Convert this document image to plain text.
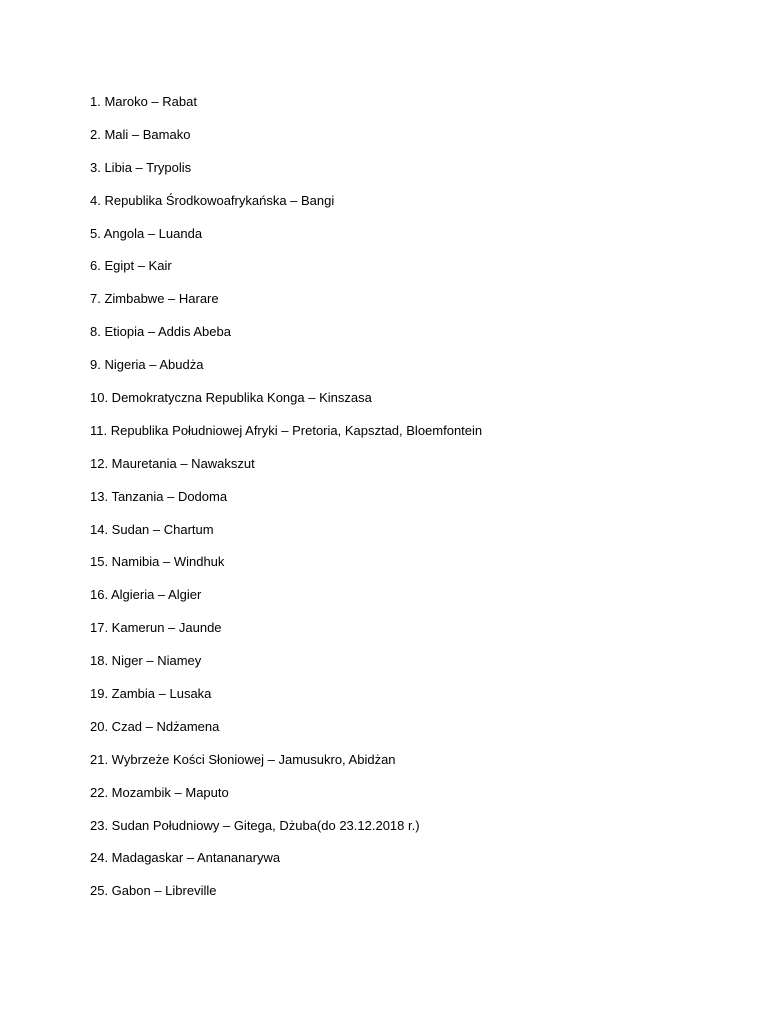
1. Maroko – Rabat
2. Mali – Bamako
3. Libia – Trypolis
4. Republika Środkowoafrykańska – Bangi
5. Angola – Luanda
6. Egipt – Kair
7. Zimbabwe – Harare
8. Etiopia – Addis Abeba
9. Nigeria – Abudża
10. Demokratyczna Republika Konga – Kinszasa
11. Republika Południowej Afryki – Pretoria, Kapsztad, Bloemfontein
12. Mauretania – Nawakszut
13. Tanzania – Dodoma
14. Sudan – Chartum
15. Namibia – Windhuk
16. Algieria – Algier
17. Kamerun – Jaunde
18. Niger – Niamey
19. Zambia – Lusaka
20. Czad – Ndżamena
21. Wybrzeże Kości Słoniowej – Jamusukro, Abidżan
22. Mozambik – Maputo
23. Sudan Południowy – Gitega, Dżuba(do 23.12.2018 r.)
24. Madagaskar – Antananarywa
25. Gabon – Libreville
